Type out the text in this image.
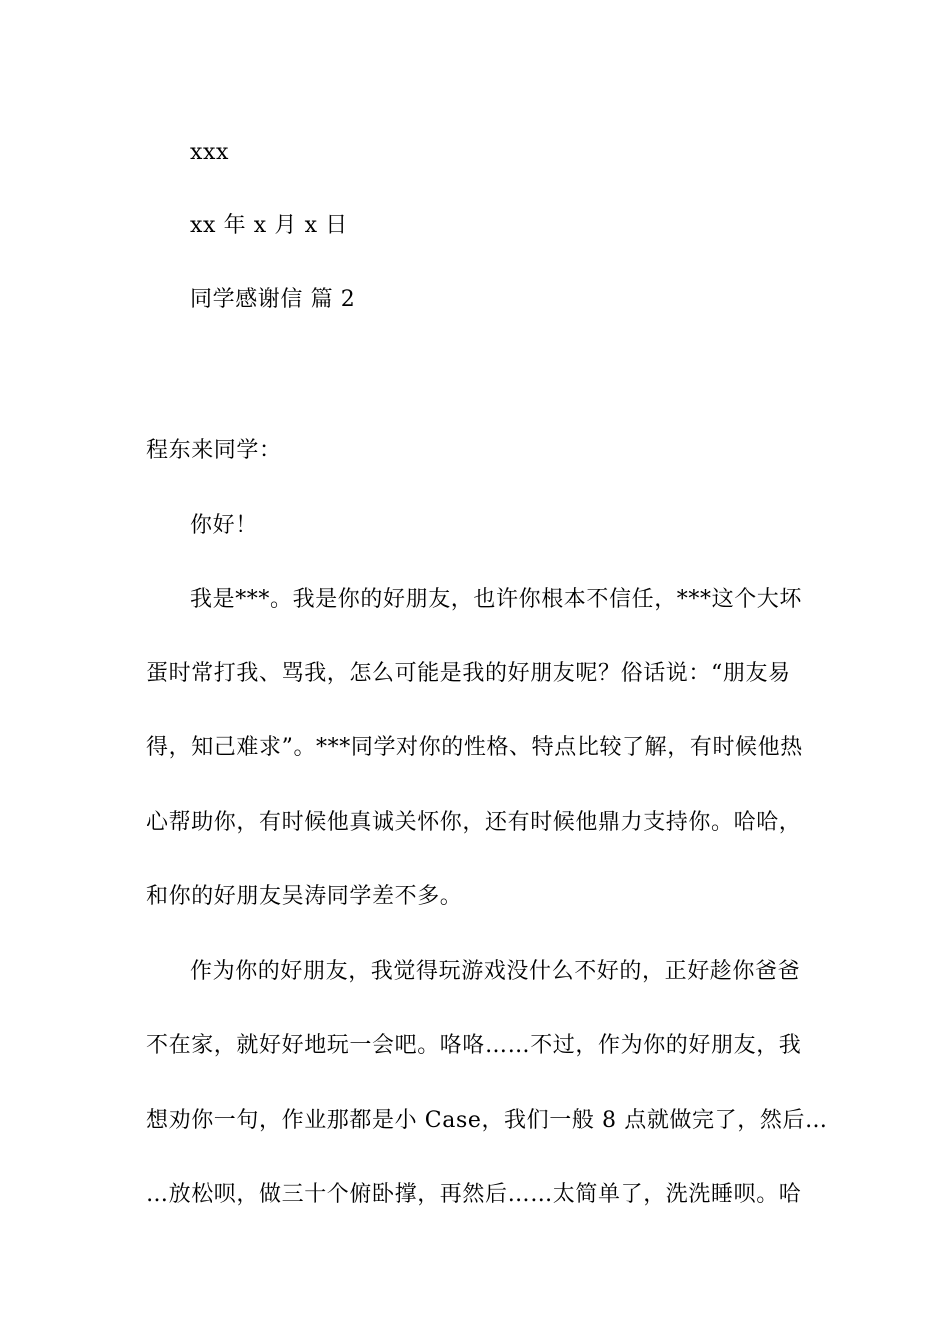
xxx
xx 年 x 月 x 日
同学感谢信 篇 2
程东来同学：
你好！
我是***。我是你的好朋友，也许你根本不信任，***这个大坏
蛋时常打我、骂我，怎么可能是我的好朋友呢？俗话说：“朋友易
得，知己难求”。***同学对你的性格、特点比较了解，有时候他热
心帮助你，有时候他真诚关怀你，还有时候他鼎力支持你。哈哈，
和你的好朋友吴涛同学差不多。
作为你的好朋友，我觉得玩游戏没什么不好的，正好趁你爸爸
不在家，就好好地玩一会吧。咯咯……不过，作为你的好朋友，我
想劝你一句，作业那都是小 Case，我们一般 8 点就做完了，然后…
…放松呗，做三十个俯卧撑，再然后……太简单了，洗洗睡呗。哈
